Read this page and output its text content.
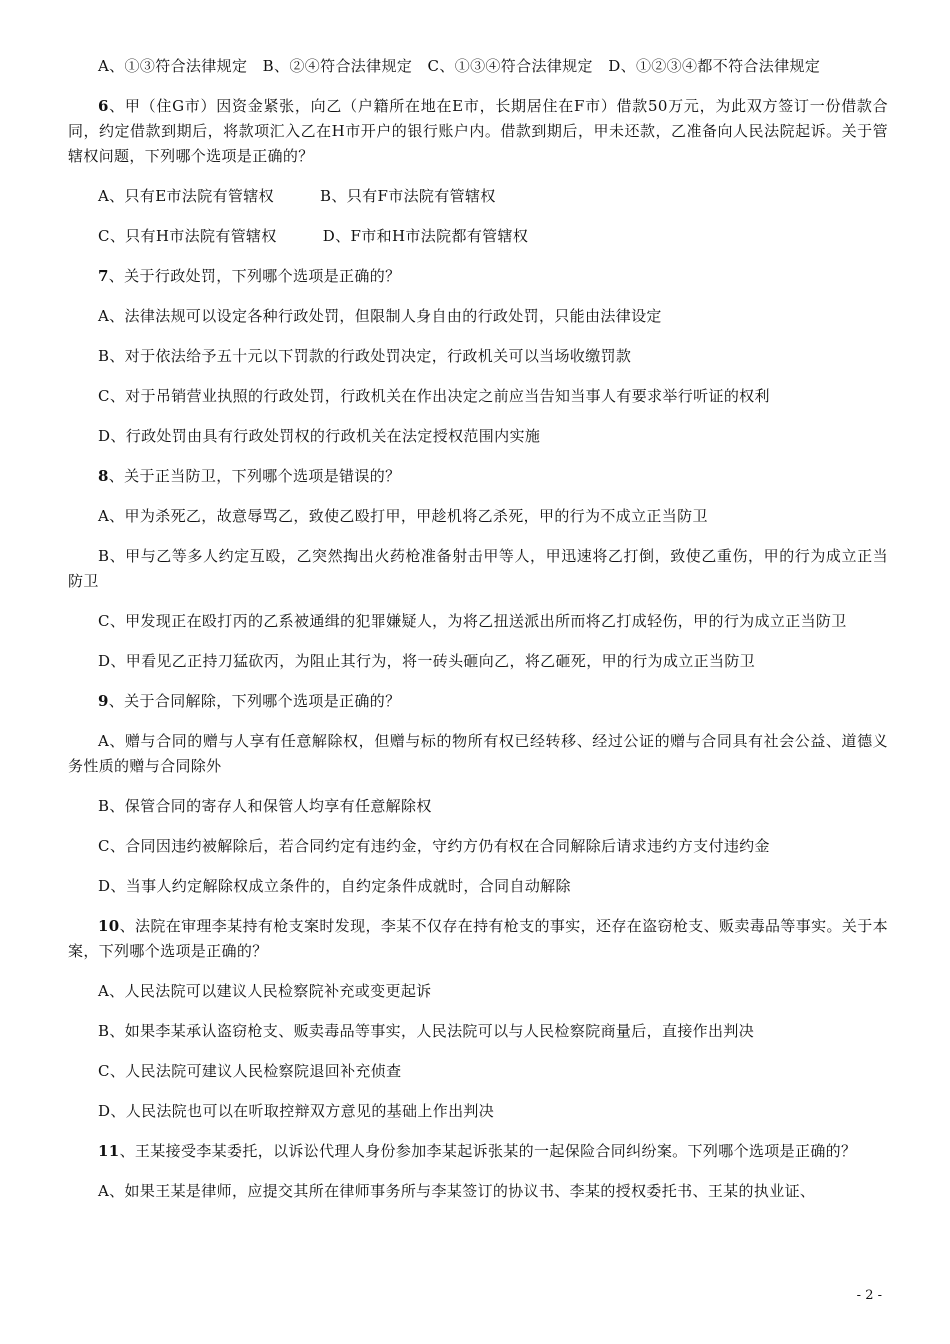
A、①③符合法律规定　B、②④符合法律规定　C、①③④符合法律规定　D、①②③④都不符合法律规定

6、甲（住G市）因资金紧张，向乙（户籍所在地在E市，长期居住在F市）借款50万元，为此双方签订一份借款合同，约定借款到期后，将款项汇入乙在H市开户的银行账户内。借款到期后，甲未还款，乙准备向人民法院起诉。关于管辖权问题，下列哪个选项是正确的？

A、只有E市法院有管辖权　　　B、只有F市法院有管辖权

C、只有H市法院有管辖权　　　D、F市和H市法院都有管辖权

7、关于行政处罚，下列哪个选项是正确的？

A、法律法规可以设定各种行政处罚，但限制人身自由的行政处罚，只能由法律设定

B、对于依法给予五十元以下罚款的行政处罚决定，行政机关可以当场收缴罚款

C、对于吊销营业执照的行政处罚，行政机关在作出决定之前应当告知当事人有要求举行听证的权利

D、行政处罚由具有行政处罚权的行政机关在法定授权范围内实施

8、关于正当防卫，下列哪个选项是错误的？

A、甲为杀死乙，故意辱骂乙，致使乙殴打甲，甲趁机将乙杀死，甲的行为不成立正当防卫

B、甲与乙等多人约定互殴，乙突然掏出火药枪准备射击甲等人，甲迅速将乙打倒，致使乙重伤，甲的行为成立正当防卫

C、甲发现正在殴打丙的乙系被通缉的犯罪嫌疑人，为将乙扭送派出所而将乙打成轻伤，甲的行为成立正当防卫

D、甲看见乙正持刀猛砍丙，为阻止其行为，将一砖头砸向乙，将乙砸死，甲的行为成立正当防卫

9、关于合同解除，下列哪个选项是正确的？

A、赠与合同的赠与人享有任意解除权，但赠与标的物所有权已经转移、经过公证的赠与合同具有社会公益、道德义务性质的赠与合同除外

B、保管合同的寄存人和保管人均享有任意解除权

C、合同因违约被解除后，若合同约定有违约金，守约方仍有权在合同解除后请求违约方支付违约金

D、当事人约定解除权成立条件的，自约定条件成就时，合同自动解除

10、法院在审理李某持有枪支案时发现，李某不仅存在持有枪支的事实，还存在盗窃枪支、贩卖毒品等事实。关于本案，下列哪个选项是正确的？

A、人民法院可以建议人民检察院补充或变更起诉

B、如果李某承认盗窃枪支、贩卖毒品等事实，人民法院可以与人民检察院商量后，直接作出判决

C、人民法院可建议人民检察院退回补充侦查

D、人民法院也可以在听取控辩双方意见的基础上作出判决

11、王某接受李某委托，以诉讼代理人身份参加李某起诉张某的一起保险合同纠纷案。下列哪个选项是正确的？

A、如果王某是律师，应提交其所在律师事务所与李某签订的协议书、李某的授权委托书、王某的执业证、

- 2 -
